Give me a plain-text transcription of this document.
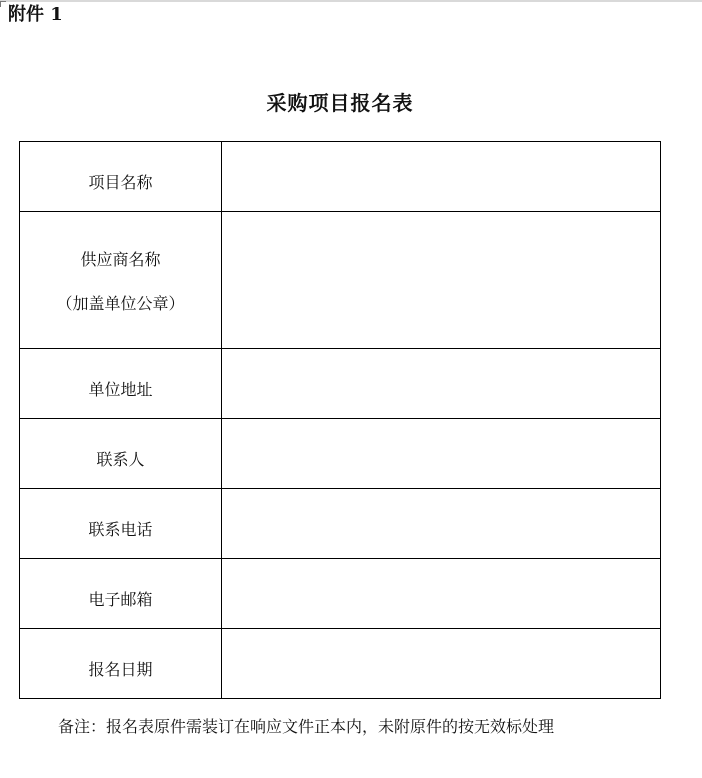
附件 1
采购项目报名表
项目名称	

供应商名称
（加盖单位公章）	

单位地址	
联系人	
联系电话	
电子邮箱	
报名日期	
备注：报名表原件需装订在响应文件正本内，未附原件的按无效标处理
